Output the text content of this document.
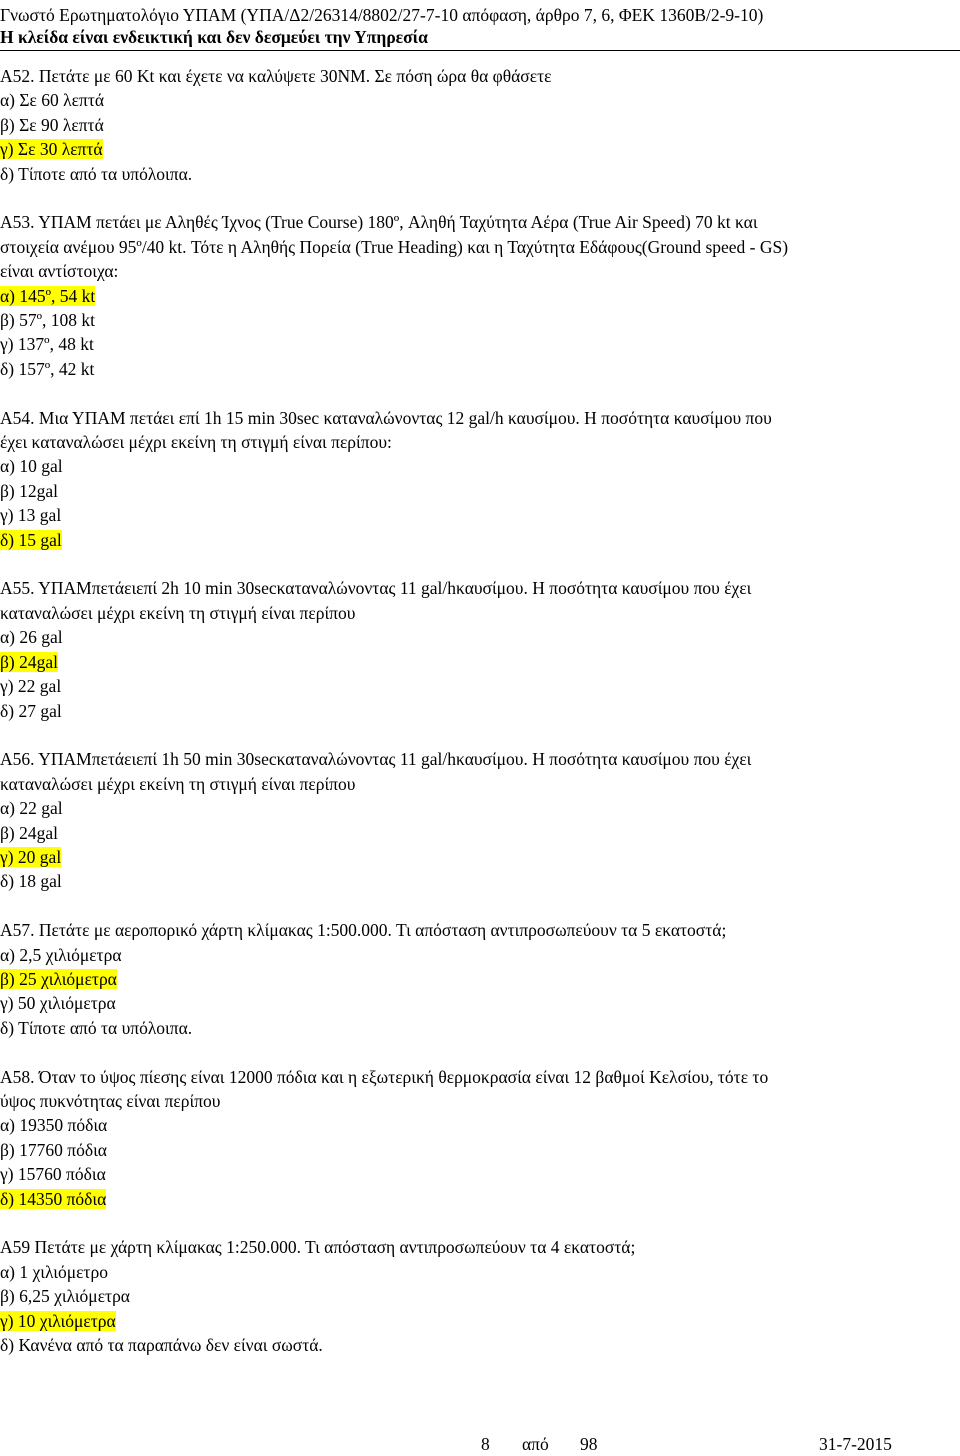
Γνωστό Ερωτηματολόγιο ΥΠΑΜ (ΥΠΑ/Δ2/26314/8802/27-7-10 απόφαση, άρθρο 7, 6, ΦΕΚ 1360Β/2-9-10)
Η κλείδα είναι ενδεικτική και δεν δεσμεύει την Υπηρεσία
Α52. Πετάτε με 60 Kt και έχετε να καλύψετε 30NM. Σε πόση ώρα θα φθάσετε
α) Σε 60 λεπτά
β) Σε 90 λεπτά
γ) Σε 30 λεπτά
δ) Τίποτε από τα υπόλοιπα.
Α53. ΥΠΑΜ πετάει με Αληθές Ίχνος (True Course) 180º, Αληθή Ταχύτητα Αέρα (True Air Speed) 70 kt και
στοιχεία ανέμου 95º/40 kt. Τότε η Αληθής Πορεία (True Heading) και η Ταχύτητα Εδάφους(Ground speed - GS)
είναι αντίστοιχα:
α) 145º, 54 kt
β) 57º, 108 kt
γ) 137º, 48 kt
δ) 157º, 42 kt
Α54. Μια ΥΠΑΜ πετάει επί 1h 15 min 30sec καταναλώνοντας 12 gal/h καυσίμου. Η ποσότητα καυσίμου που
έχει καταναλώσει μέχρι εκείνη τη στιγμή είναι περίπου:
α) 10 gal
β) 12gal
γ) 13 gal
δ) 15 gal
Α55. ΥΠΑΜπετάειεπί 2h 10 min 30secκαταναλώνοντας 11 gal/hκαυσίμου. Η ποσότητα καυσίμου που έχει
καταναλώσει μέχρι εκείνη τη στιγμή είναι περίπου
α) 26 gal
β) 24gal
γ) 22 gal
δ) 27 gal
Α56. ΥΠΑΜπετάειεπί 1h 50 min 30secκαταναλώνοντας 11 gal/hκαυσίμου. Η ποσότητα καυσίμου που έχει
καταναλώσει μέχρι εκείνη τη στιγμή είναι περίπου
α) 22 gal
β) 24gal
γ) 20 gal
δ) 18 gal
Α57. Πετάτε με αεροπορικό χάρτη κλίμακας 1:500.000. Τι απόσταση αντιπροσωπεύουν τα 5 εκατοστά;
α) 2,5 χιλιόμετρα
β) 25 χιλιόμετρα
γ) 50 χιλιόμετρα
δ) Τίποτε από τα υπόλοιπα.
Α58. Όταν το ύψος πίεσης είναι 12000 πόδια και η εξωτερική θερμοκρασία είναι 12 βαθμοί Κελσίου, τότε το
ύψος πυκνότητας είναι περίπου
α) 19350 πόδια
β) 17760 πόδια
γ) 15760 πόδια
δ) 14350 πόδια
Α59 Πετάτε με χάρτη κλίμακας 1:250.000. Τι απόσταση αντιπροσωπεύουν τα 4 εκατοστά;
α) 1 χιλιόμετρο
β) 6,25 χιλιόμετρα
γ) 10 χιλιόμετρα
δ) Κανένα από τα παραπάνω δεν είναι σωστά.
8 από 98	31-7-2015
